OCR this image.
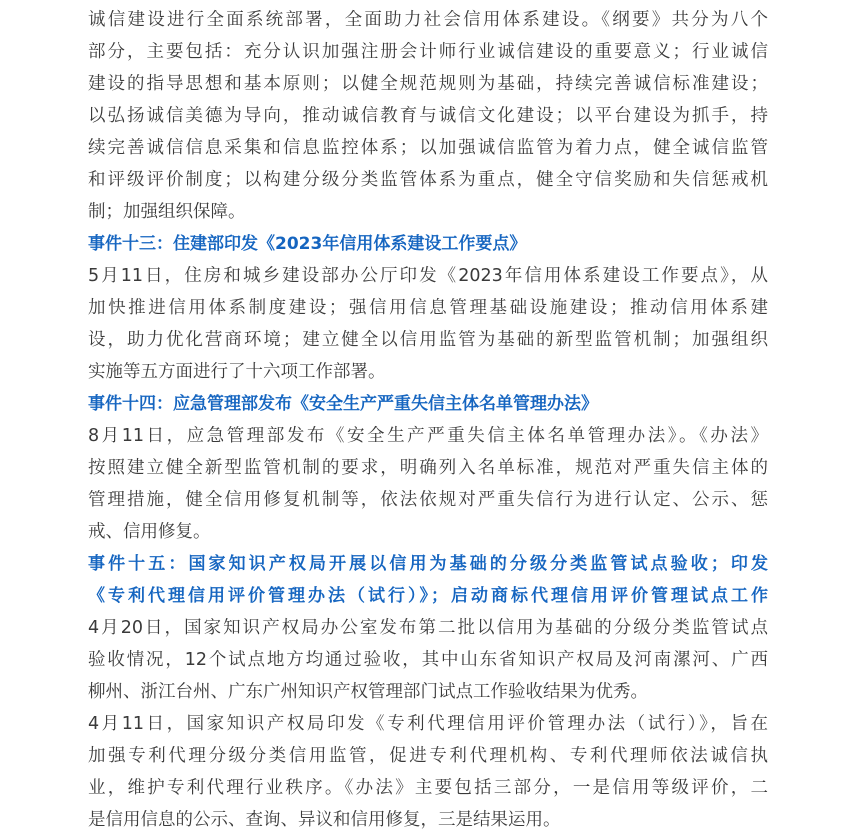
诚信建设进行全面系统部署，全面助力社会信用体系建设。《纲要》共分为八个
部分，主要包括：充分认识加强注册会计师行业诚信建设的重要意义；行业诚信
建设的指导思想和基本原则；以健全规范规则为基础，持续完善诚信标准建设；
以弘扬诚信美德为导向，推动诚信教育与诚信文化建设；以平台建设为抓手，持
续完善诚信信息采集和信息监控体系；以加强诚信监管为着力点，健全诚信监管
和评级评价制度；以构建分级分类监管体系为重点，健全守信奖励和失信惩戒机
制；加强组织保障。
事件十三：住建部印发《2023年信用体系建设工作要点》
5月11日，住房和城乡建设部办公厅印发《2023年信用体系建设工作要点》，从
加快推进信用体系制度建设；强信用信息管理基础设施建设；推动信用体系建
设，助力优化营商环境；建立健全以信用监管为基础的新型监管机制；加强组织
实施等五方面进行了十六项工作部署。
事件十四：应急管理部发布《安全生产严重失信主体名单管理办法》
8月11日，应急管理部发布《安全生产严重失信主体名单管理办法》。《办法》
按照建立健全新型监管机制的要求，明确列入名单标准，规范对严重失信主体的
管理措施，健全信用修复机制等，依法依规对严重失信行为进行认定、公示、惩
戒、信用修复。
事件十五：国家知识产权局开展以信用为基础的分级分类监管试点验收；印发
《专利代理信用评价管理办法（试行）》；启动商标代理信用评价管理试点工作
4月20日，国家知识产权局办公室发布第二批以信用为基础的分级分类监管试点
验收情况，12个试点地方均通过验收，其中山东省知识产权局及河南漯河、广西
柳州、浙江台州、广东广州知识产权管理部门试点工作验收结果为优秀。
4月11日，国家知识产权局印发《专利代理信用评价管理办法（试行）》，旨在
加强专利代理分级分类信用监管，促进专利代理机构、专利代理师依法诚信执
业，维护专利代理行业秩序。《办法》主要包括三部分，一是信用等级评价，二
是信用信息的公示、查询、异议和信用修复，三是结果运用。
